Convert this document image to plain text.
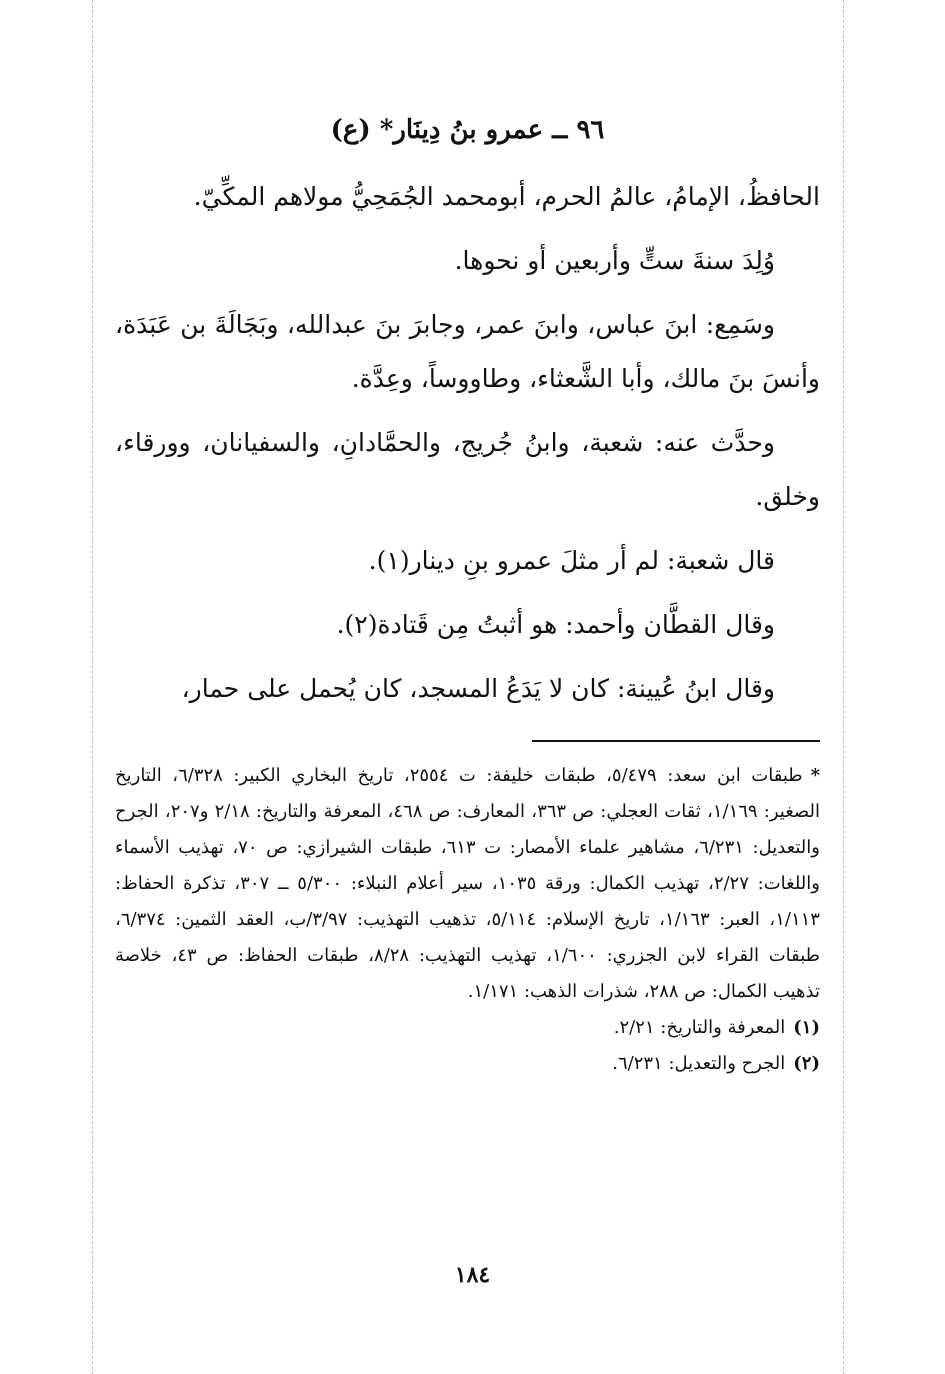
٩٦ ــ عمرو بنُ دِينَار* (ع)

الحافظُ، الإمامُ، عالمُ الحرم، أبومحمد الجُمَحِيُّ مولاهم المكِّيّ.

وُلِدَ سنةَ ستٍّ وأربعين أو نحوها.

وسَمِع: ابنَ عباس، وابنَ عمر، وجابرَ بنَ عبدالله، وبَجَالَةَ بن عَبَدَة، وأنسَ بنَ مالك، وأبا الشَّعثاء، وطاووساً، وعِدَّة.

وحدَّث عنه: شعبة، وابنُ جُريج، والحمَّادانِ، والسفيانان، وورقاء، وخلق.

قال شعبة: لم أر مثلَ عمرو بنِ دينار(١).

وقال القطَّان وأحمد: هو أثبتُ مِن قَتادة(٢).

وقال ابنُ عُيينة: كان لا يَدَعُ المسجد، كان يُحمل على حمار،

*طبقات ابن سعد: ٥/٤٧٩، طبقات خليفة: ت ٢٥٥٤، تاريخ البخاري الكبير: ٦/٣٢٨، التاريخ الصغير: ١/١٦٩، ثقات العجلي: ص ٣٦٣، المعارف: ص ٤٦٨، المعرفة والتاريخ: ٢/١٨ و٢٠٧، الجرح والتعديل: ٦/٢٣١، مشاهير علماء الأمصار: ت ٦١٣، طبقات الشيرازي: ص ٧٠، تهذيب الأسماء واللغات: ٢/٢٧، تهذيب الكمال: ورقة ١٠٣٥، سير أعلام النبلاء: ٥/٣٠٠ ــ ٣٠٧، تذكرة الحفاظ: ١/١١٣، العبر: ١/١٦٣، تاريخ الإسلام: ٥/١١٤، تذهيب التهذيب: ٣/٩٧/ب، العقد الثمين: ٦/٣٧٤، طبقات القراء لابن الجزري: ١/٦٠٠، تهذيب التهذيب: ٨/٢٨، طبقات الحفاظ: ص ٤٣، خلاصة تذهيب الكمال: ص ٢٨٨، شذرات الذهب: ١/١٧١.

(١)المعرفة والتاريخ: ٢/٢١.

(٢)الجرح والتعديل: ٦/٢٣١.

١٨٤
